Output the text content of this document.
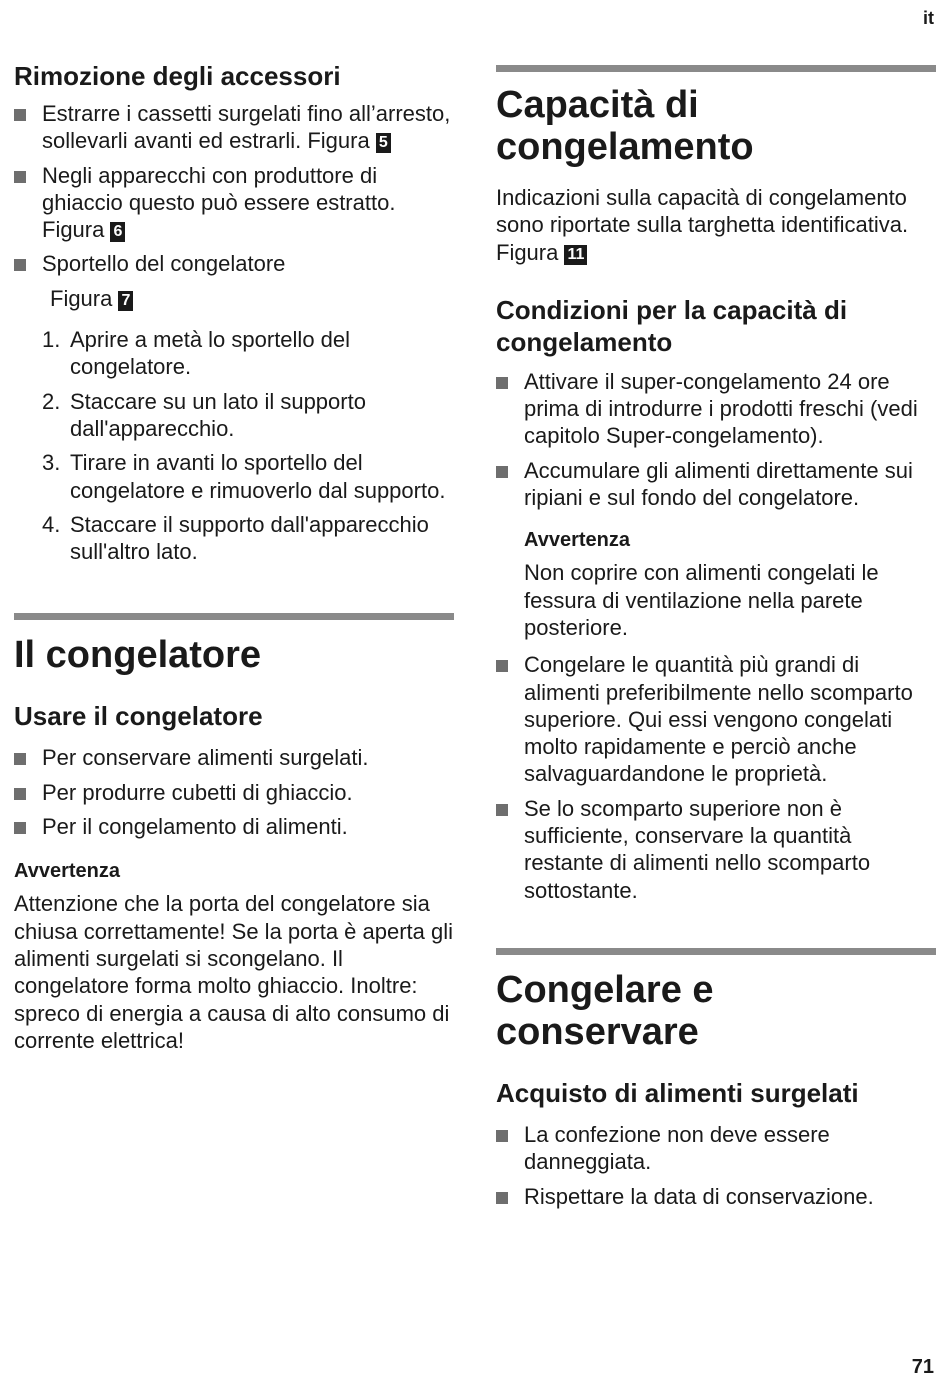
it
Rimozione degli accessori
Estrarre i cassetti surgelati fino all’arresto, sollevarli avanti ed estrarli. Figura 5
Negli apparecchi con produttore di ghiaccio questo può essere estratto. Figura 6
Sportello del congelatore

Figura 7

1. Aprire a metà lo sportello del congelatore.
2. Staccare su un lato il supporto dall'apparecchio.
3. Tirare in avanti lo sportello del congelatore e rimuoverlo dal supporto.
4. Staccare il supporto dall'apparecchio sull'altro lato.
Il congelatore
Usare il congelatore
Per conservare alimenti surgelati.
Per produrre cubetti di ghiaccio.
Per il congelamento di alimenti.
Avvertenza

Attenzione che la porta del congelatore sia chiusa correttamente! Se la porta è aperta gli alimenti surgelati si scongelano. Il congelatore forma molto ghiaccio. Inoltre: spreco di energia a causa di alto consumo di corrente elettrica!

Capacità di congelamento

Indicazioni sulla capacità di congelamento sono riportate sulla targhetta identificativa. Figura 11

Condizioni per la capacità di congelamento
Attivare il super-congelamento 24 ore prima di introdurre i prodotti freschi (vedi capitolo Super-congelamento).
Accumulare gli alimenti direttamente sui ripiani e sul fondo del congelatore.
Avvertenza

Non coprire con alimenti congelati le fessura di ventilazione nella parete posteriore.

Congelare le quantità più grandi di alimenti preferibilmente nello scomparto superiore. Qui essi vengono congelati molto rapidamente e perciò anche salvaguardandone le proprietà.
Se lo scomparto superiore non è sufficiente, conservare la quantità restante di alimenti nello scomparto sottostante.
Congelare e conservare
Acquisto di alimenti surgelati
La confezione non deve essere danneggiata.
Rispettare la data di conservazione.
71
